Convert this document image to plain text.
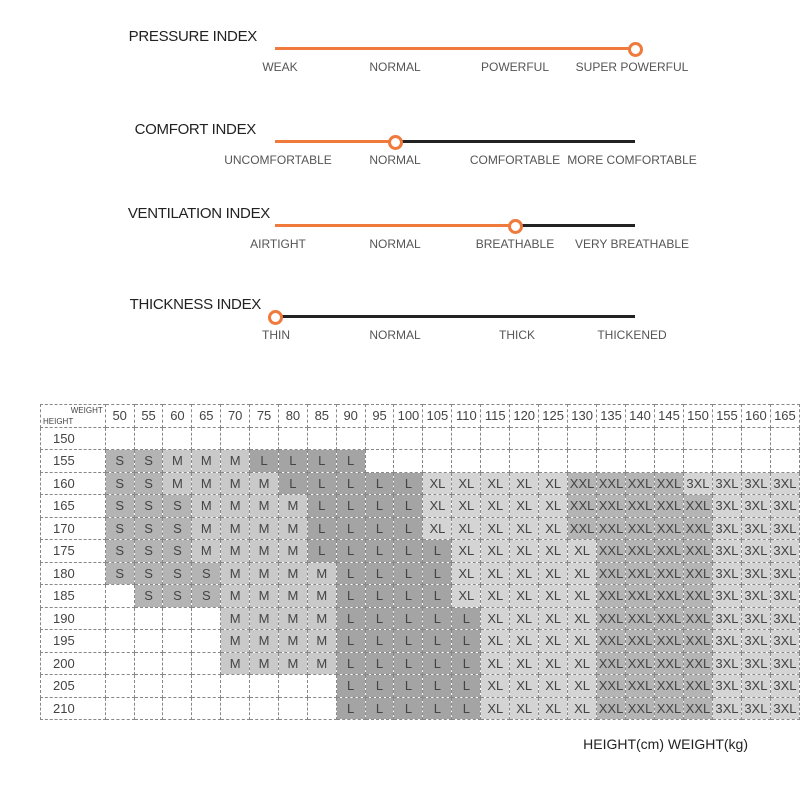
PRESSURE INDEX
WEAK	NORMAL	POWERFUL SUPER POWERFUL
COMFORT INDEX
UNCOMFORTABLE	NORMAL	COMFORTABLE MORE COMFORTABLE
VENTILATION INDEX
AIRTIGHT	NORMAL	BREATHABLE VERY BREATHABLE
THICKNESS INDEX
THIN	NORMAL	THICK	THICKENED
WEIGHT
HEIGHT	50	55	60	65	70	75	80	85	90	95	100	105	110	115	120	125	130	135	140	145	150	155	160	165
150																								
155	S	S	M	M	M	L	L	L	L															
160	S	S	M	M	M	M	L	L	L	L	L	XL	XL	XL	XL	XL	XXL	XXL	XXL	XXL	3XL	3XL	3XL	3XL
165	S	S	S	M	M	M	M	L	L	L	L	XL	XL	XL	XL	XL	XXL	XXL	XXL	XXL	XXL	3XL	3XL	3XL
170	S	S	S	M	M	M	M	L	L	L	L	XL	XL	XL	XL	XL	XXL	XXL	XXL	XXL	XXL	3XL	3XL	3XL
175	S	S	S	M	M	M	M	L	L	L	L	L	XL	XL	XL	XL	XL	XXL	XXL	XXL	XXL	3XL	3XL	3XL
180	S	S	S	S	M	M	M	M	L	L	L	L	XL	XL	XL	XL	XL	XXL	XXL	XXL	XXL	3XL	3XL	3XL
185		S	S	S	M	M	M	M	L	L	L	L	XL	XL	XL	XL	XL	XXL	XXL	XXL	XXL	3XL	3XL	3XL
190					M	M	M	M	L	L	L	L	L	XL	XL	XL	XL	XXL	XXL	XXL	XXL	3XL	3XL	3XL
195					M	M	M	M	L	L	L	L	L	XL	XL	XL	XL	XXL	XXL	XXL	XXL	3XL	3XL	3XL
200					M	M	M	M	L	L	L	L	L	XL	XL	XL	XL	XXL	XXL	XXL	XXL	3XL	3XL	3XL
205									L	L	L	L	L	XL	XL	XL	XL	XXL	XXL	XXL	XXL	3XL	3XL	3XL
210									L	L	L	L	L	XL	XL	XL	XL	XXL	XXL	XXL	XXL	3XL	3XL	3XL
HEIGHT(cm) WEIGHT(kg)
